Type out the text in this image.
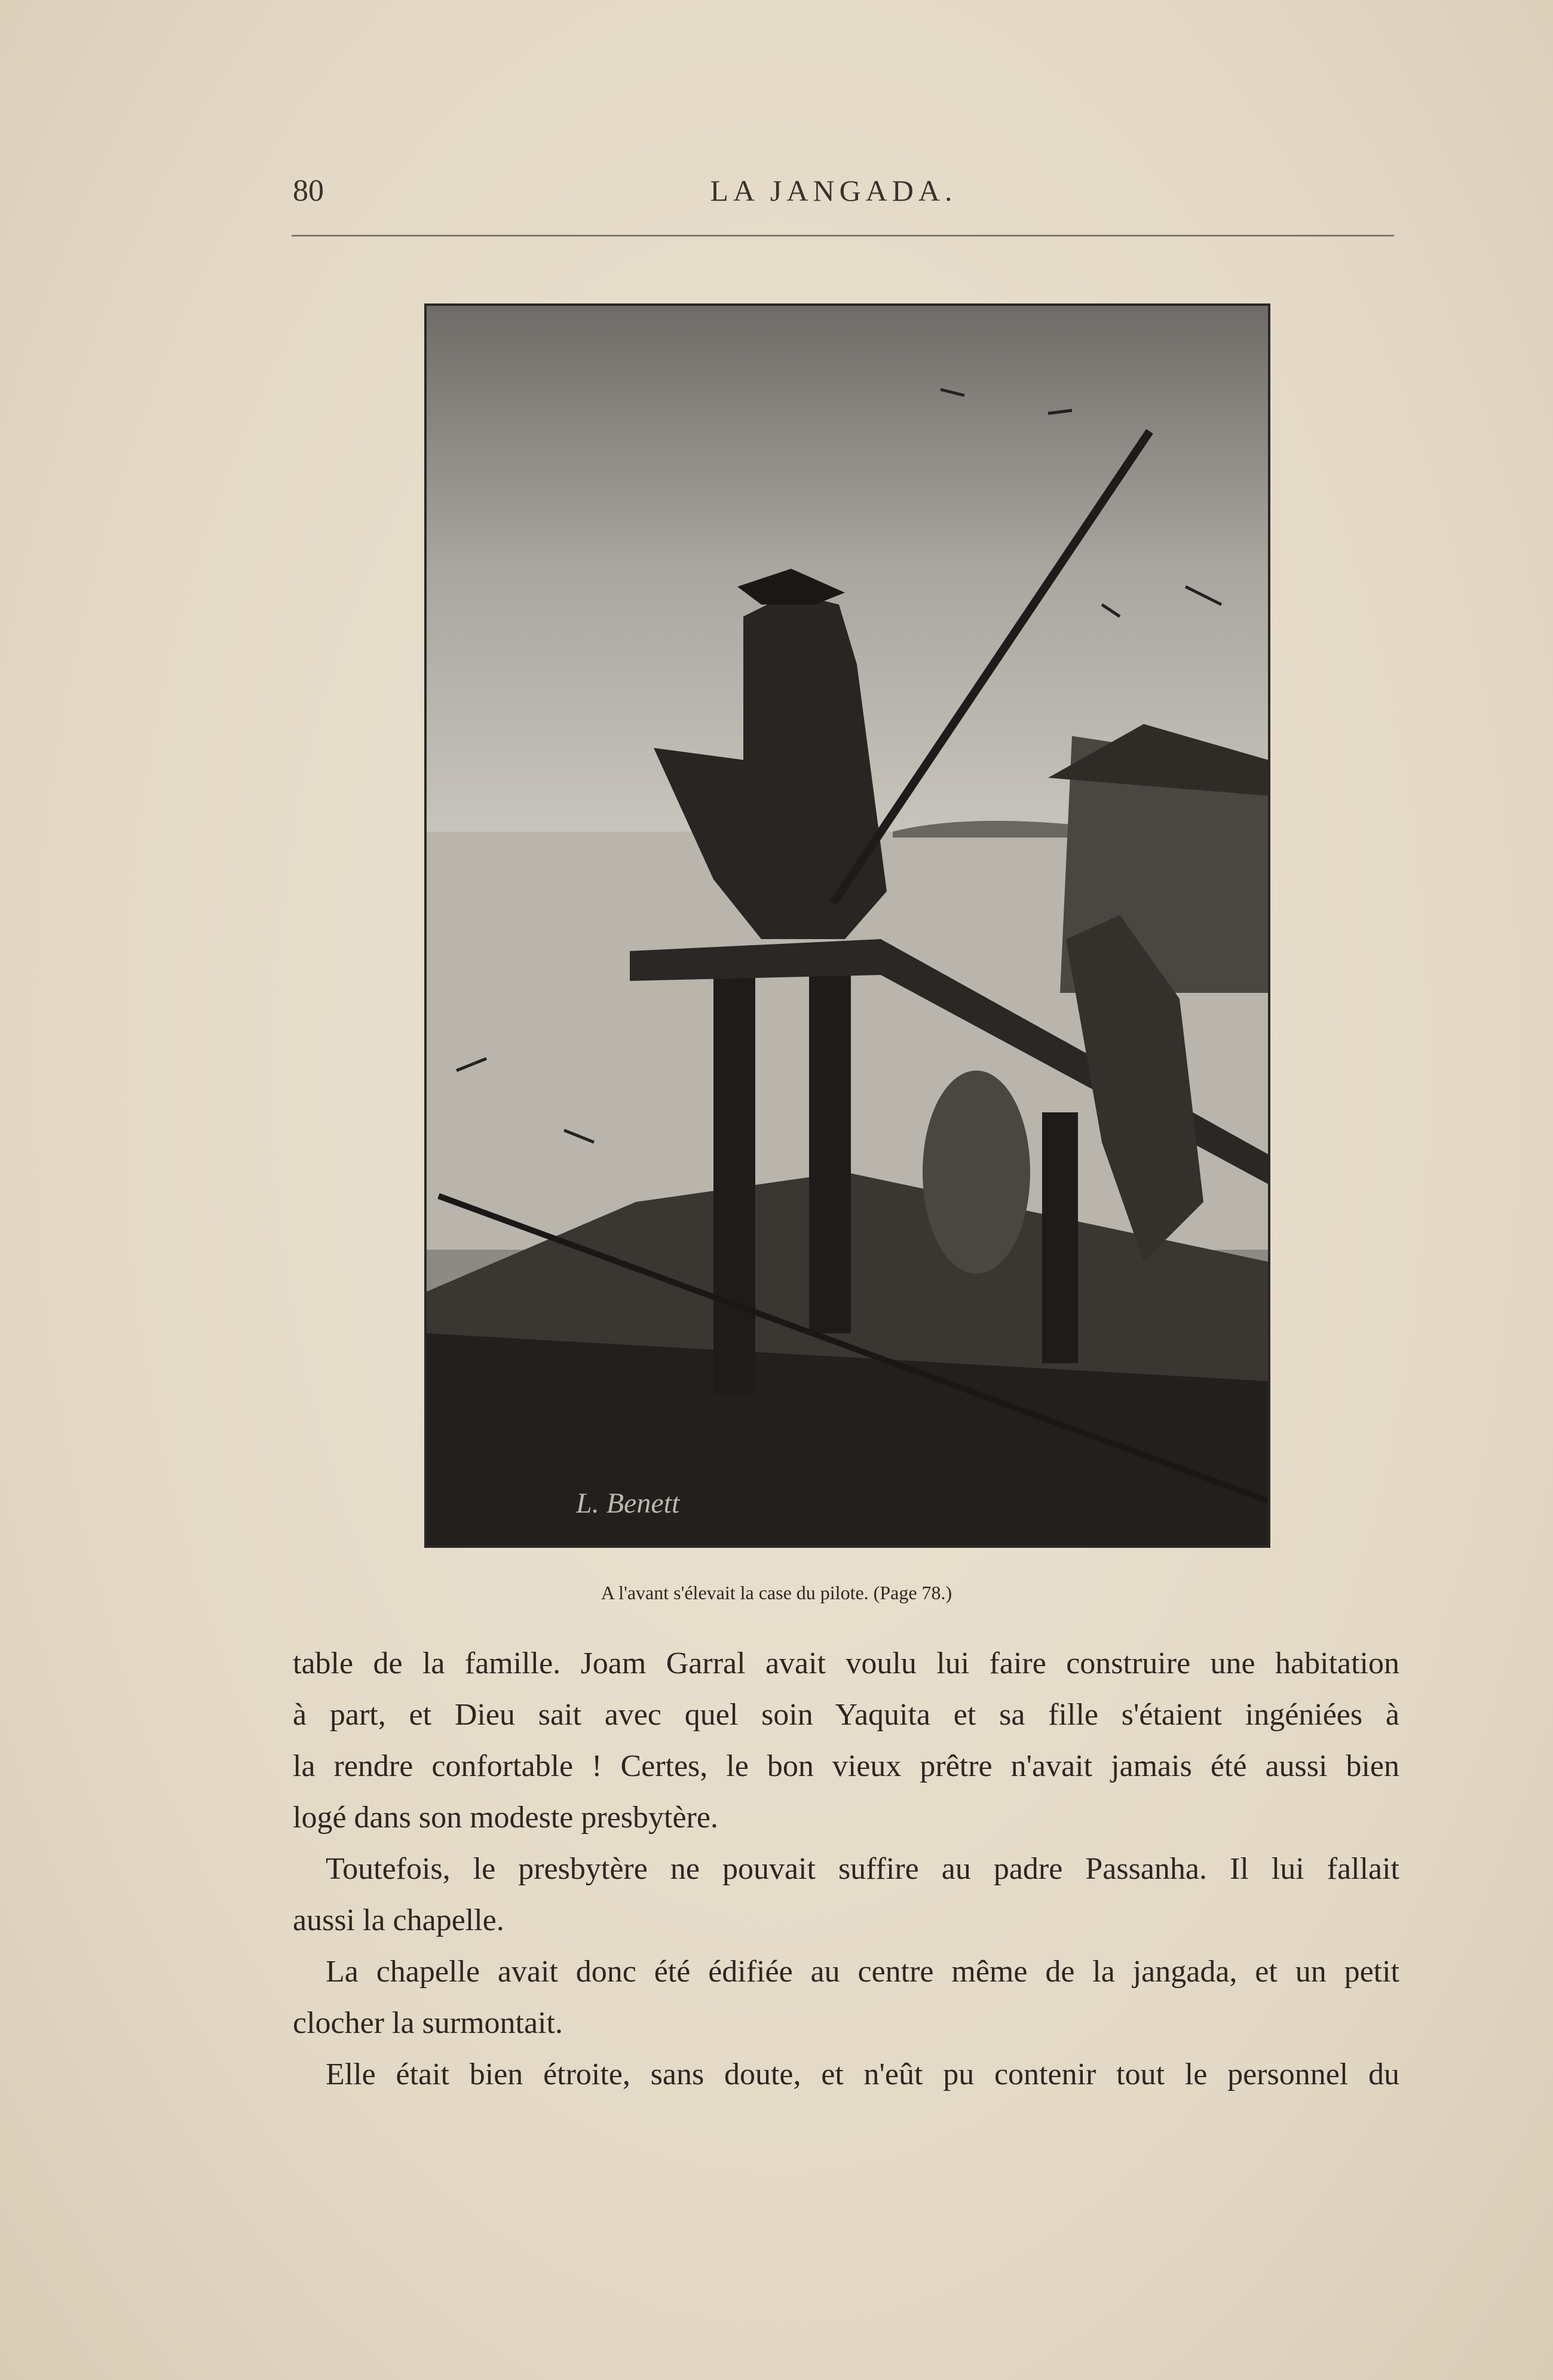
80	LA JANGADA.
L. Benett
A l'avant s'élevait la case du pilote. (Page 78.)
table de la famille. Joam Garral avait voulu lui faire construire une habitation
à part, et Dieu sait avec quel soin Yaquita et sa fille s'étaient ingéniées à
la rendre confortable ! Certes, le bon vieux prêtre n'avait jamais été aussi bien
logé dans son modeste presbytère.
Toutefois, le presbytère ne pouvait suffire au padre Passanha. Il lui fallait
aussi la chapelle.
La chapelle avait donc été édifiée au centre même de la jangada, et un petit
clocher la surmontait.
Elle était bien étroite, sans doute, et n'eût pu contenir tout le personnel du
